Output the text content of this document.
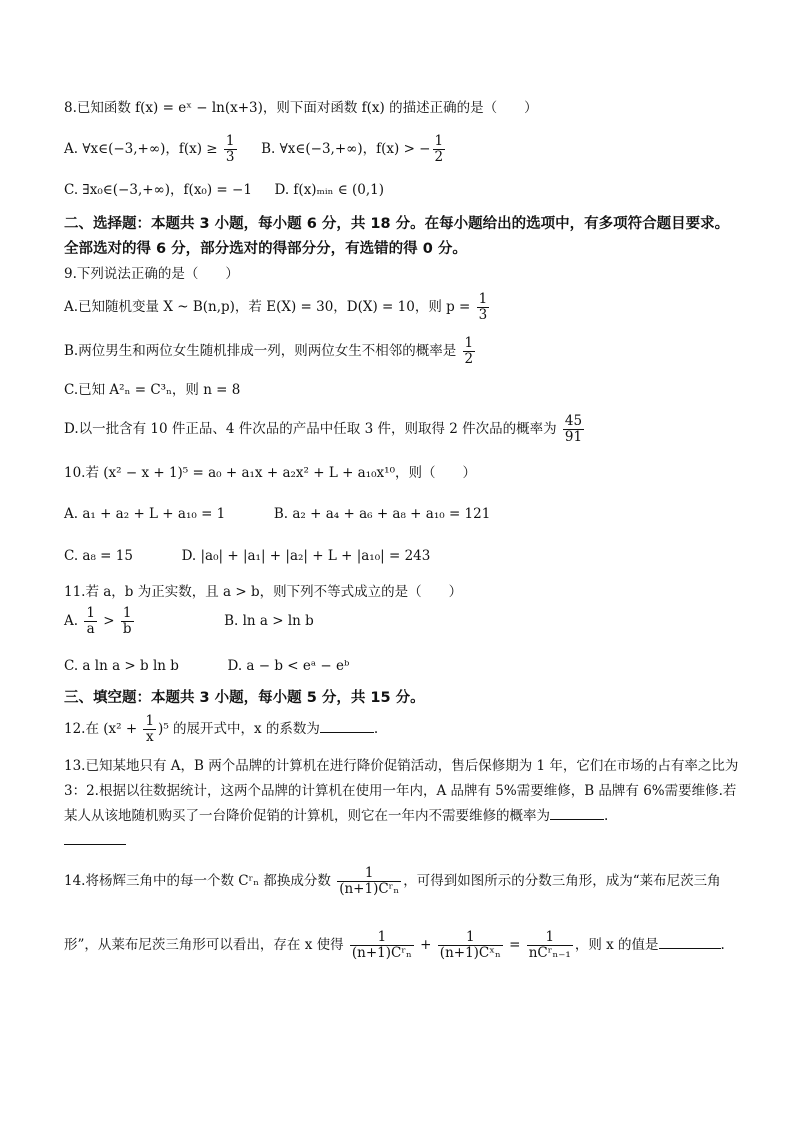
8.已知函数 f(x) = eˣ − ln(x+3)，则下面对函数 f(x) 的描述正确的是（　　）
A. ∀x∈(−3,+∞)，$f(x) \ge \frac{1}{3} B$. ∀x∈(−3,+∞)，f(x) > − $\frac{1}{2}$
C. ∃x₀∈(−3,+∞)，f(x₀) = −1 D. f(x)ₘᵢₙ ∈ (0,1)
二、选择题：本题共 3 小题，每小题 6 分，共 18 分。在每小题给出的选项中，有多项符合题目要求。全部选对的得 6 分，部分选对的得部分分，有选错的得 0 分。
9.下列说法正确的是（　　）
A.已知随机变量 X ~ B(n,p)，若 E(X) = 30，D(X) = 10，则 $p = \frac{1}{3}$
B.两位男生和两位女生随机排成一列，则两位女生不相邻的概率是 $\frac{1}{2}$
C.已知 A²ₙ = C³ₙ，则 n = 8
D.以一批含有 10 件正品、4 件次品的产品中任取 3 件，则取得 2 件次品的概率为 $\frac{45}{91}$
10.若 (x² − x + 1)⁵ = a₀ + a₁x + a₂x² + L + a₁₀x¹⁰，则（　　）
A. a₁ + a₂ + L + a₁₀ = 1	B. a₂ + a₄ + a₆ + a₈ + a₁₀ = 121
C. a₈ = 15	D. |a₀| + |a₁| + |a₂| + L + |a₁₀| = 243
11.若 a，b 为正实数，且 a > b，则下列不等式成立的是（　　）
A. $\frac{1}{a} > \frac{1}{b}$	B. ln a > ln b
C. a ln a > b ln b	D. a − b < eᵃ − eᵇ
三、填空题：本题共 3 小题，每小题 5 分，共 15 分。
12.在 $(x^2 + \frac{1}{x} )^5$ 的展开式中，x 的系数为	.
13.已知某地只有 A，B 两个品牌的计算机在进行降价促销活动，售后保修期为 1 年，它们在市场的占有率之比为 3：2.根据以往数据统计，这两个品牌的计算机在使用一年内，A 品牌有 5%需要维修，B 品牌有 6%需要维修.若某人从该地随机购买了一台降价促销的计算机，则它在一年内不需要维修的概率为	.

14.将杨辉三角中的每一个数 Cʳₙ 都换成分数 $\frac{1}{\text{(n+1)Cʳₙ}}$ ，可得到如图所示的分数三角形，成为“莱布尼茨三角
形”，从莱布尼茨三角形可以看出，存在 x 使得 $\frac{1}{\text{(n+1)Cʳₙ}} + \frac{1}{\text{(n+1)Cˣₙ}} = \frac{1}{\text{nCʳₙ₋₁}}$ ，则 x 的值是	.
